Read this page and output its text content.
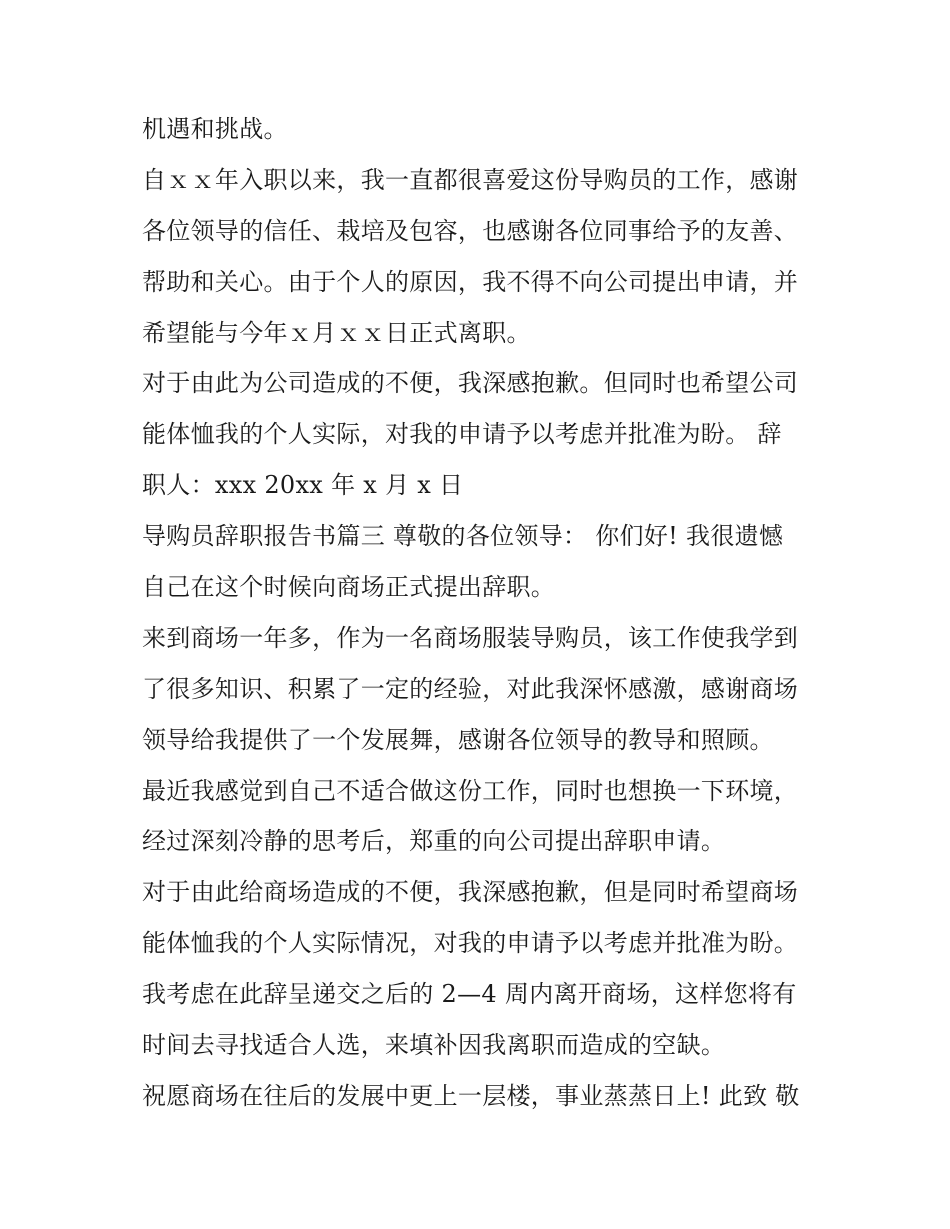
机遇和挑战。
自ｘｘ年入职以来，我一直都很喜爱这份导购员的工作，感谢
各位领导的信任、栽培及包容，也感谢各位同事给予的友善、
帮助和关心。由于个人的原因，我不得不向公司提出申请，并
希望能与今年ｘ月ｘｘ日正式离职。
对于由此为公司造成的不便，我深感抱歉。但同时也希望公司
能体恤我的个人实际，对我的申请予以考虑并批准为盼。 辞
职人：xxx 20xx 年 x 月 x 日
导购员辞职报告书篇三 尊敬的各位领导： 你们好! 我很遗憾
自己在这个时候向商场正式提出辞职。
来到商场一年多，作为一名商场服装导购员，该工作使我学到
了很多知识、积累了一定的经验，对此我深怀感激，感谢商场
领导给我提供了一个发展舞，感谢各位领导的教导和照顾。
最近我感觉到自己不适合做这份工作，同时也想换一下环境，
经过深刻冷静的思考后，郑重的向公司提出辞职申请。
对于由此给商场造成的不便，我深感抱歉，但是同时希望商场
能体恤我的个人实际情况，对我的申请予以考虑并批准为盼。
我考虑在此辞呈递交之后的 2—4 周内离开商场，这样您将有
时间去寻找适合人选，来填补因我离职而造成的空缺。
祝愿商场在往后的发展中更上一层楼，事业蒸蒸日上! 此致 敬
